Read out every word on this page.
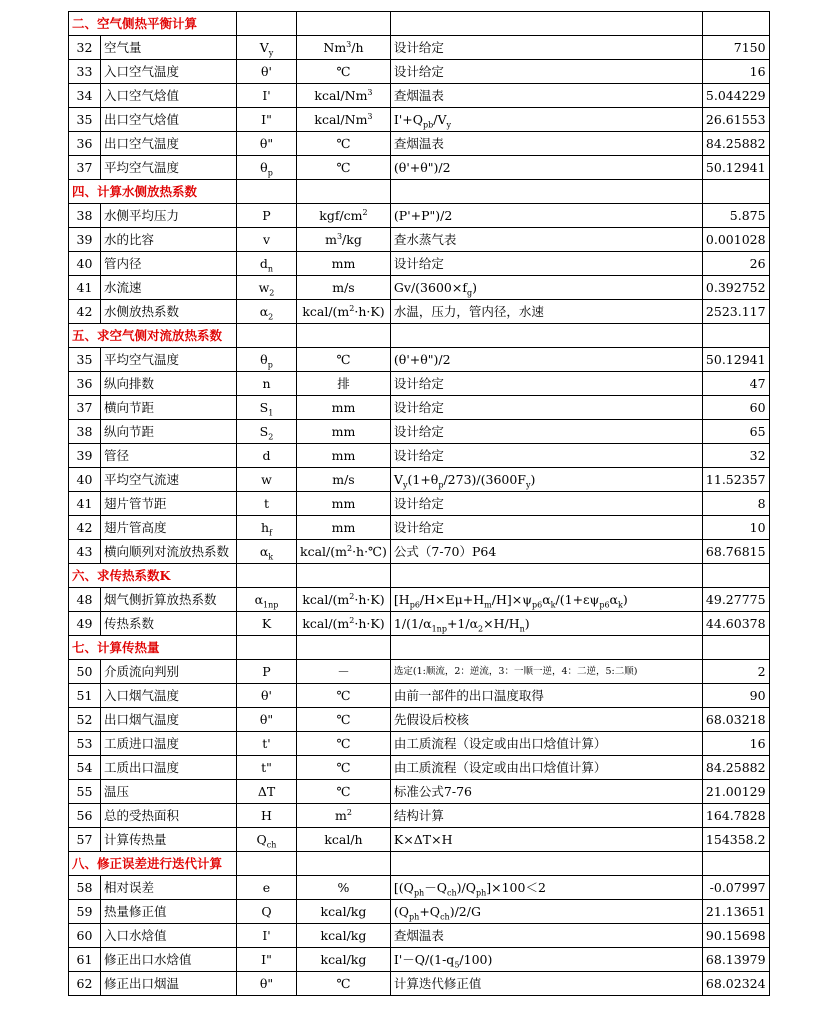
二、空气侧热平衡计算					
32	空气量	$V_y$	Nm$^3$/h	设计给定	7150
33	入口空气温度	θ'	℃	设计给定	16
34	入口空气焓值	I'	kcal/Nm$^3$	查烟温表	5.044229
35	出口空气焓值	I"	kcal/Nm$^3$	$I'+Q_{pb}/V_y$	26.61553
36	出口空气温度	θ"	℃	查烟温表	84.25882
37	平均空气温度	$\theta_p$	℃	(θ'+θ")/2	50.12941
四、计算水侧放热系数					
38	水侧平均压力	P	kgf/$cm^2$	(P'+P")/2	5.875
39	水的比容	v	$m^3/kg$	查水蒸气表	0.001028
40	管内径	$d_n$	mm	设计给定	26
41	水流速	$w_2$	m/s	$Gv/(3600\times f_g)$	0.392752
42	水侧放热系数	$\alpha_2$	kcal/$(m^2\cdot h\cdot K)$	水温，压力，管内径，水速	2523.117
五、求空气侧对流放热系数					
35	平均空气温度	$\theta_p$	℃	(θ'+θ")/2	50.12941
36	纵向排数	n	排	设计给定	47
37	横向节距	$S_1$	mm	设计给定	60
38	纵向节距	$S_2$	mm	设计给定	65
39	管径	d	mm	设计给定	32
40	平均空气流速	w	m/s	$V_y(1+\theta_p/273)/(3600F_y)$	11.52357
41	翅片管节距	t	mm	设计给定	8
42	翅片管高度	$h_f$	mm	设计给定	10
43	横向顺列对流放热系数	$\alpha_k$	kcal/$(m^2\cdot h\cdot℃)$	公式（7-70）P64	68.76815
六、求传热系数K					
48	烟气侧折算放热系数	$\alpha_{1np}$	kcal/$(m^2\cdot h\cdot K)$	$[H_{p6}/H\times E\mu+H_m/H]\times\psi_{p6}\alpha_k/(1+\varepsilon\psi_{p6}\alpha_k)$	49.27775
49	传热系数	K	kcal/$(m^2\cdot h\cdot K)$	$1/(1/\alpha_{1np}+1/\alpha_2\times H/H_n)$	44.60378
七、计算传热量					
50	介质流向判别	P	－	选定(1:顺流，2：逆流，3：一顺一逆，4：二逆，5:二顺)	2
51	入口烟气温度	θ'	℃	由前一部件的出口温度取得	90
52	出口烟气温度	θ"	℃	先假设后校核	68.03218
53	工质进口温度	t'	℃	由工质流程（设定或由出口焓值计算）	16
54	工质出口温度	t"	℃	由工质流程（设定或由出口焓值计算）	84.25882
55	温压	ΔT	℃	标准公式7-76	21.00129
56	总的受热面积	H	$m^2$	结构计算	164.7828
57	计算传热量	$Q_{ch}$	kcal/h	K×ΔT×H	154358.2
八、修正误差进行迭代计算					
58	相对误差	e	%	$[(Q_{ph}-Q_{ch})/Q_{ph}]\times 100<2$	-0.07997
59	热量修正值	Q	kcal/kg	$(Q_{ph}+Q_{ch})/2/G$	21.13651
60	入口水焓值	I'	kcal/kg	查烟温表	90.15698
61	修正出口水焓值	I"	kcal/kg	$I'-Q/(1-q_5/100)$	68.13979
62	修正出口烟温	θ"	℃	计算迭代修正值	68.02324
